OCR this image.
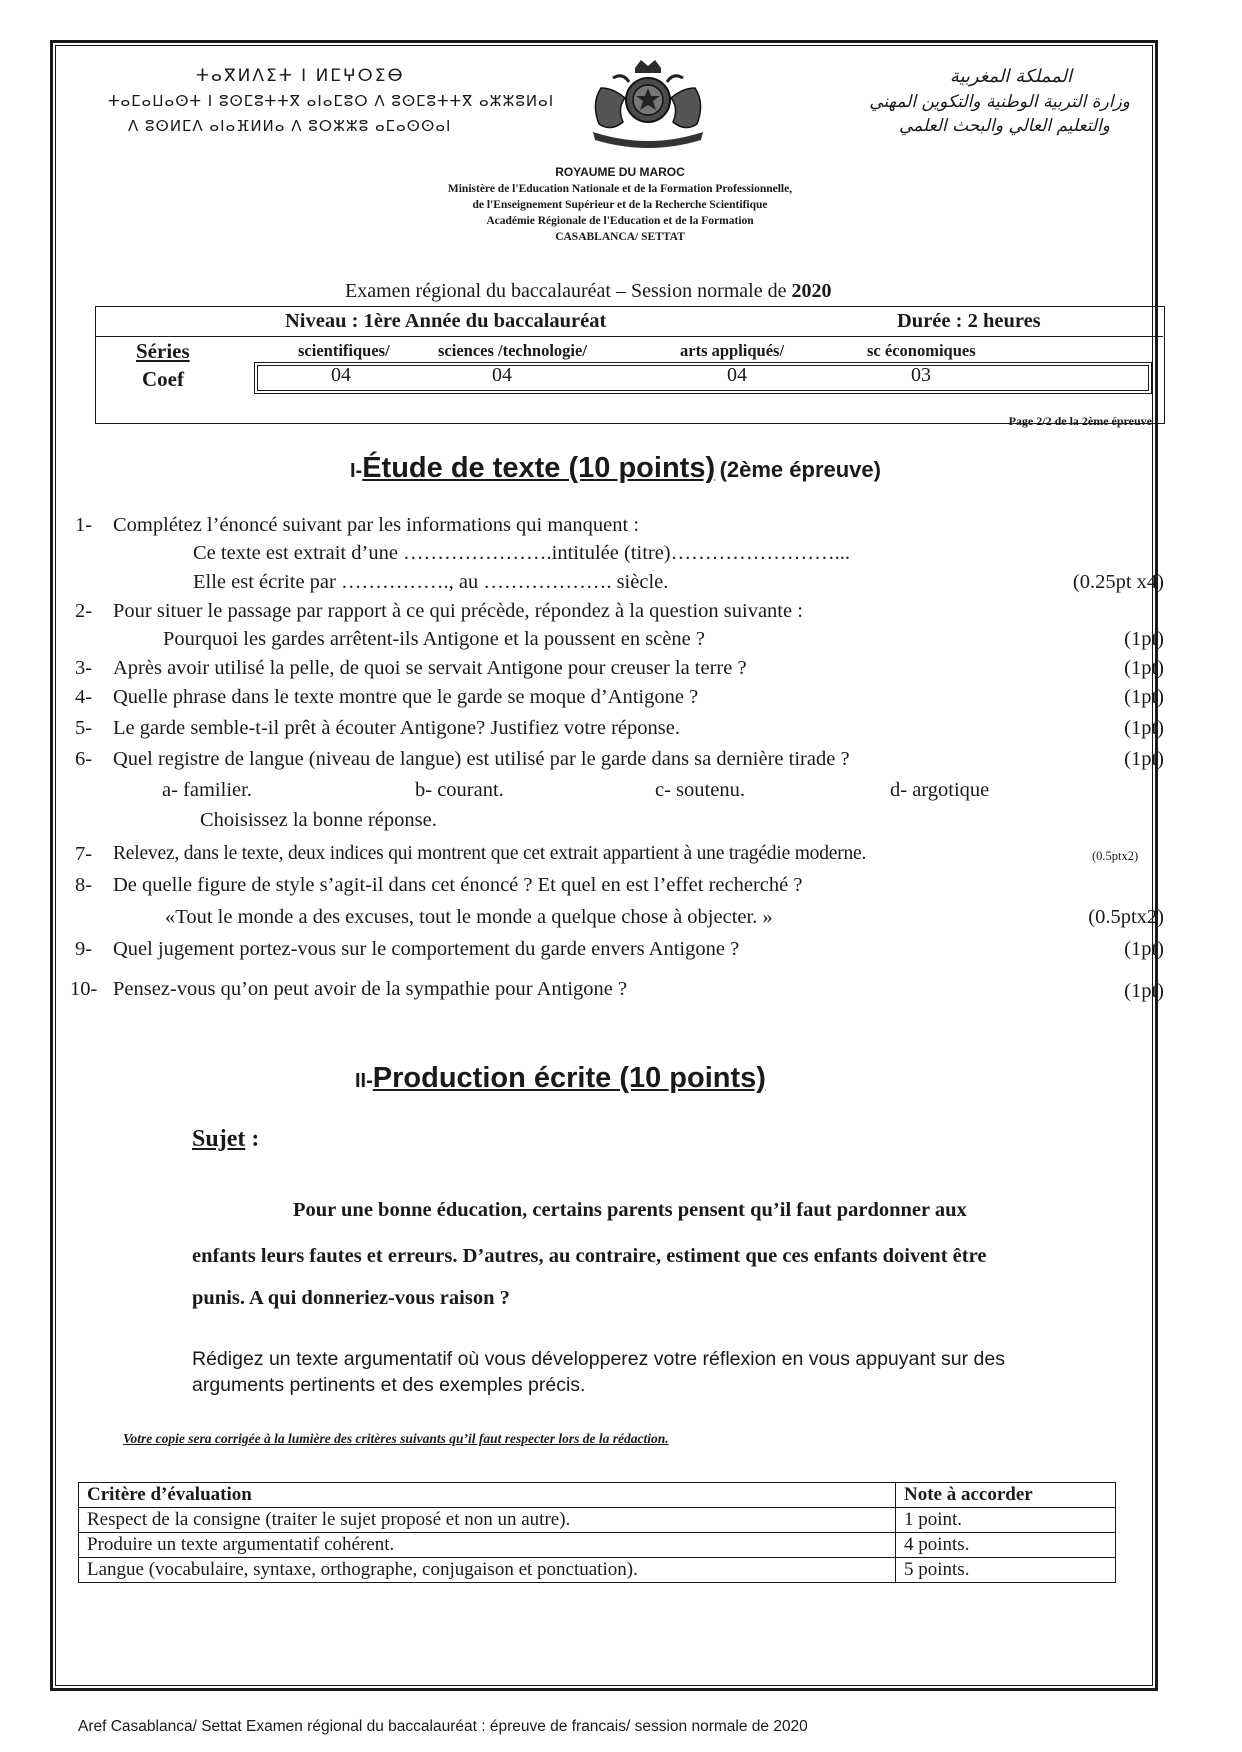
ⵜⴰⴳⵍⴷⵉⵜ ⵏ ⵍⵎⵖⵔⵉⴱ
ⵜⴰⵎⴰⵡⴰⵙⵜ ⵏ ⵓⵙⵎⵓⵜⵜⴳ ⴰⵏⴰⵎⵓⵔ ⴷ ⵓⵙⵎⵓⵜⵜⴳ ⴰⵣⵣⵓⵍⴰⵏ
ⴷ ⵓⵙⵍⵎⴷ ⴰⵏⴰⴼⵍⵍⴰ ⴷ ⵓⵔⵣⵣⵓ ⴰⵎⴰⵙⵙⴰⵏ
المملكة المغربية
وزارة التربية الوطنية والتكوين المهني
والتعليم العالي والبحث العلمي
ROYAUME DU MAROC
Ministère de l'Education Nationale et de la Formation Professionnelle,
de l'Enseignement Supérieur et de la Recherche Scientifique
Académie Régionale de l'Education et de la Formation
CASABLANCA/ SETTAT
Examen régional du baccalauréat – Session normale de 2020
Niveau : 1ère Année du baccalauréat	Durée : 2 heures
Séries
Coef
scientifiques/	sciences /technologie/	arts appliqués/	sc économiques
04	04	04	03
Page 2/2 de la 2ème épreuve
I-Étude de texte (10 points) (2ème épreuve)
1- Complétez l’énoncé suivant par les informations qui manquent :
Ce texte est extrait d’une ………………….intitulée (titre)……………………...
Elle est écrite par ……………., au ………………. siècle.	(0.25pt x4)
2- Pour situer le passage par rapport à ce qui précède, répondez à la question suivante :
Pourquoi les gardes arrêtent-ils Antigone et la poussent en scène ?	(1pt)
3- Après avoir utilisé la pelle, de quoi se servait Antigone pour creuser la terre ?	(1pt)
4- Quelle phrase dans le texte montre que le garde se moque d’Antigone ?	(1pt)
5- Le garde semble-t-il prêt à écouter Antigone? Justifiez votre réponse.	(1pt)
6- Quel registre de langue (niveau de langue) est utilisé par le garde dans sa dernière tirade ?	(1pt)
a- familier.	b- courant.	c- soutenu.	d- argotique
Choisissez la bonne réponse.
7- Relevez, dans le texte, deux indices qui montrent que cet extrait appartient à une tragédie moderne.	(0.5ptx2)
8- De quelle figure de style s’agit-il dans cet énoncé ? Et quel en est l’effet recherché ?
«Tout le monde a des excuses, tout le monde a quelque chose à objecter. »	(0.5ptx2)
9- Quel jugement portez-vous sur le comportement du garde envers Antigone ?	(1pt)
10- Pensez-vous qu’on peut avoir de la sympathie pour Antigone ?	(1pt)
II-Production écrite (10 points)
Sujet :
Pour une bonne éducation, certains parents pensent qu’il faut pardonner aux
enfants leurs fautes et erreurs. D’autres, au contraire, estiment que ces enfants doivent être
punis. A qui donneriez-vous raison ?
Rédigez un texte argumentatif où vous développerez votre réflexion en vous appuyant sur des
arguments pertinents et des exemples précis.
Votre copie sera corrigée à la lumière des critères suivants qu’il faut respecter lors de la rédaction.
Critère d’évaluation	Note à accorder
Respect de la consigne (traiter le sujet proposé et non un autre).	1 point.
Produire un texte argumentatif cohérent.	4 points.
Langue (vocabulaire, syntaxe, orthographe, conjugaison et ponctuation).	5 points.
Aref Casablanca/ Settat Examen régional du baccalauréat : épreuve de francais/ session normale de 2020
